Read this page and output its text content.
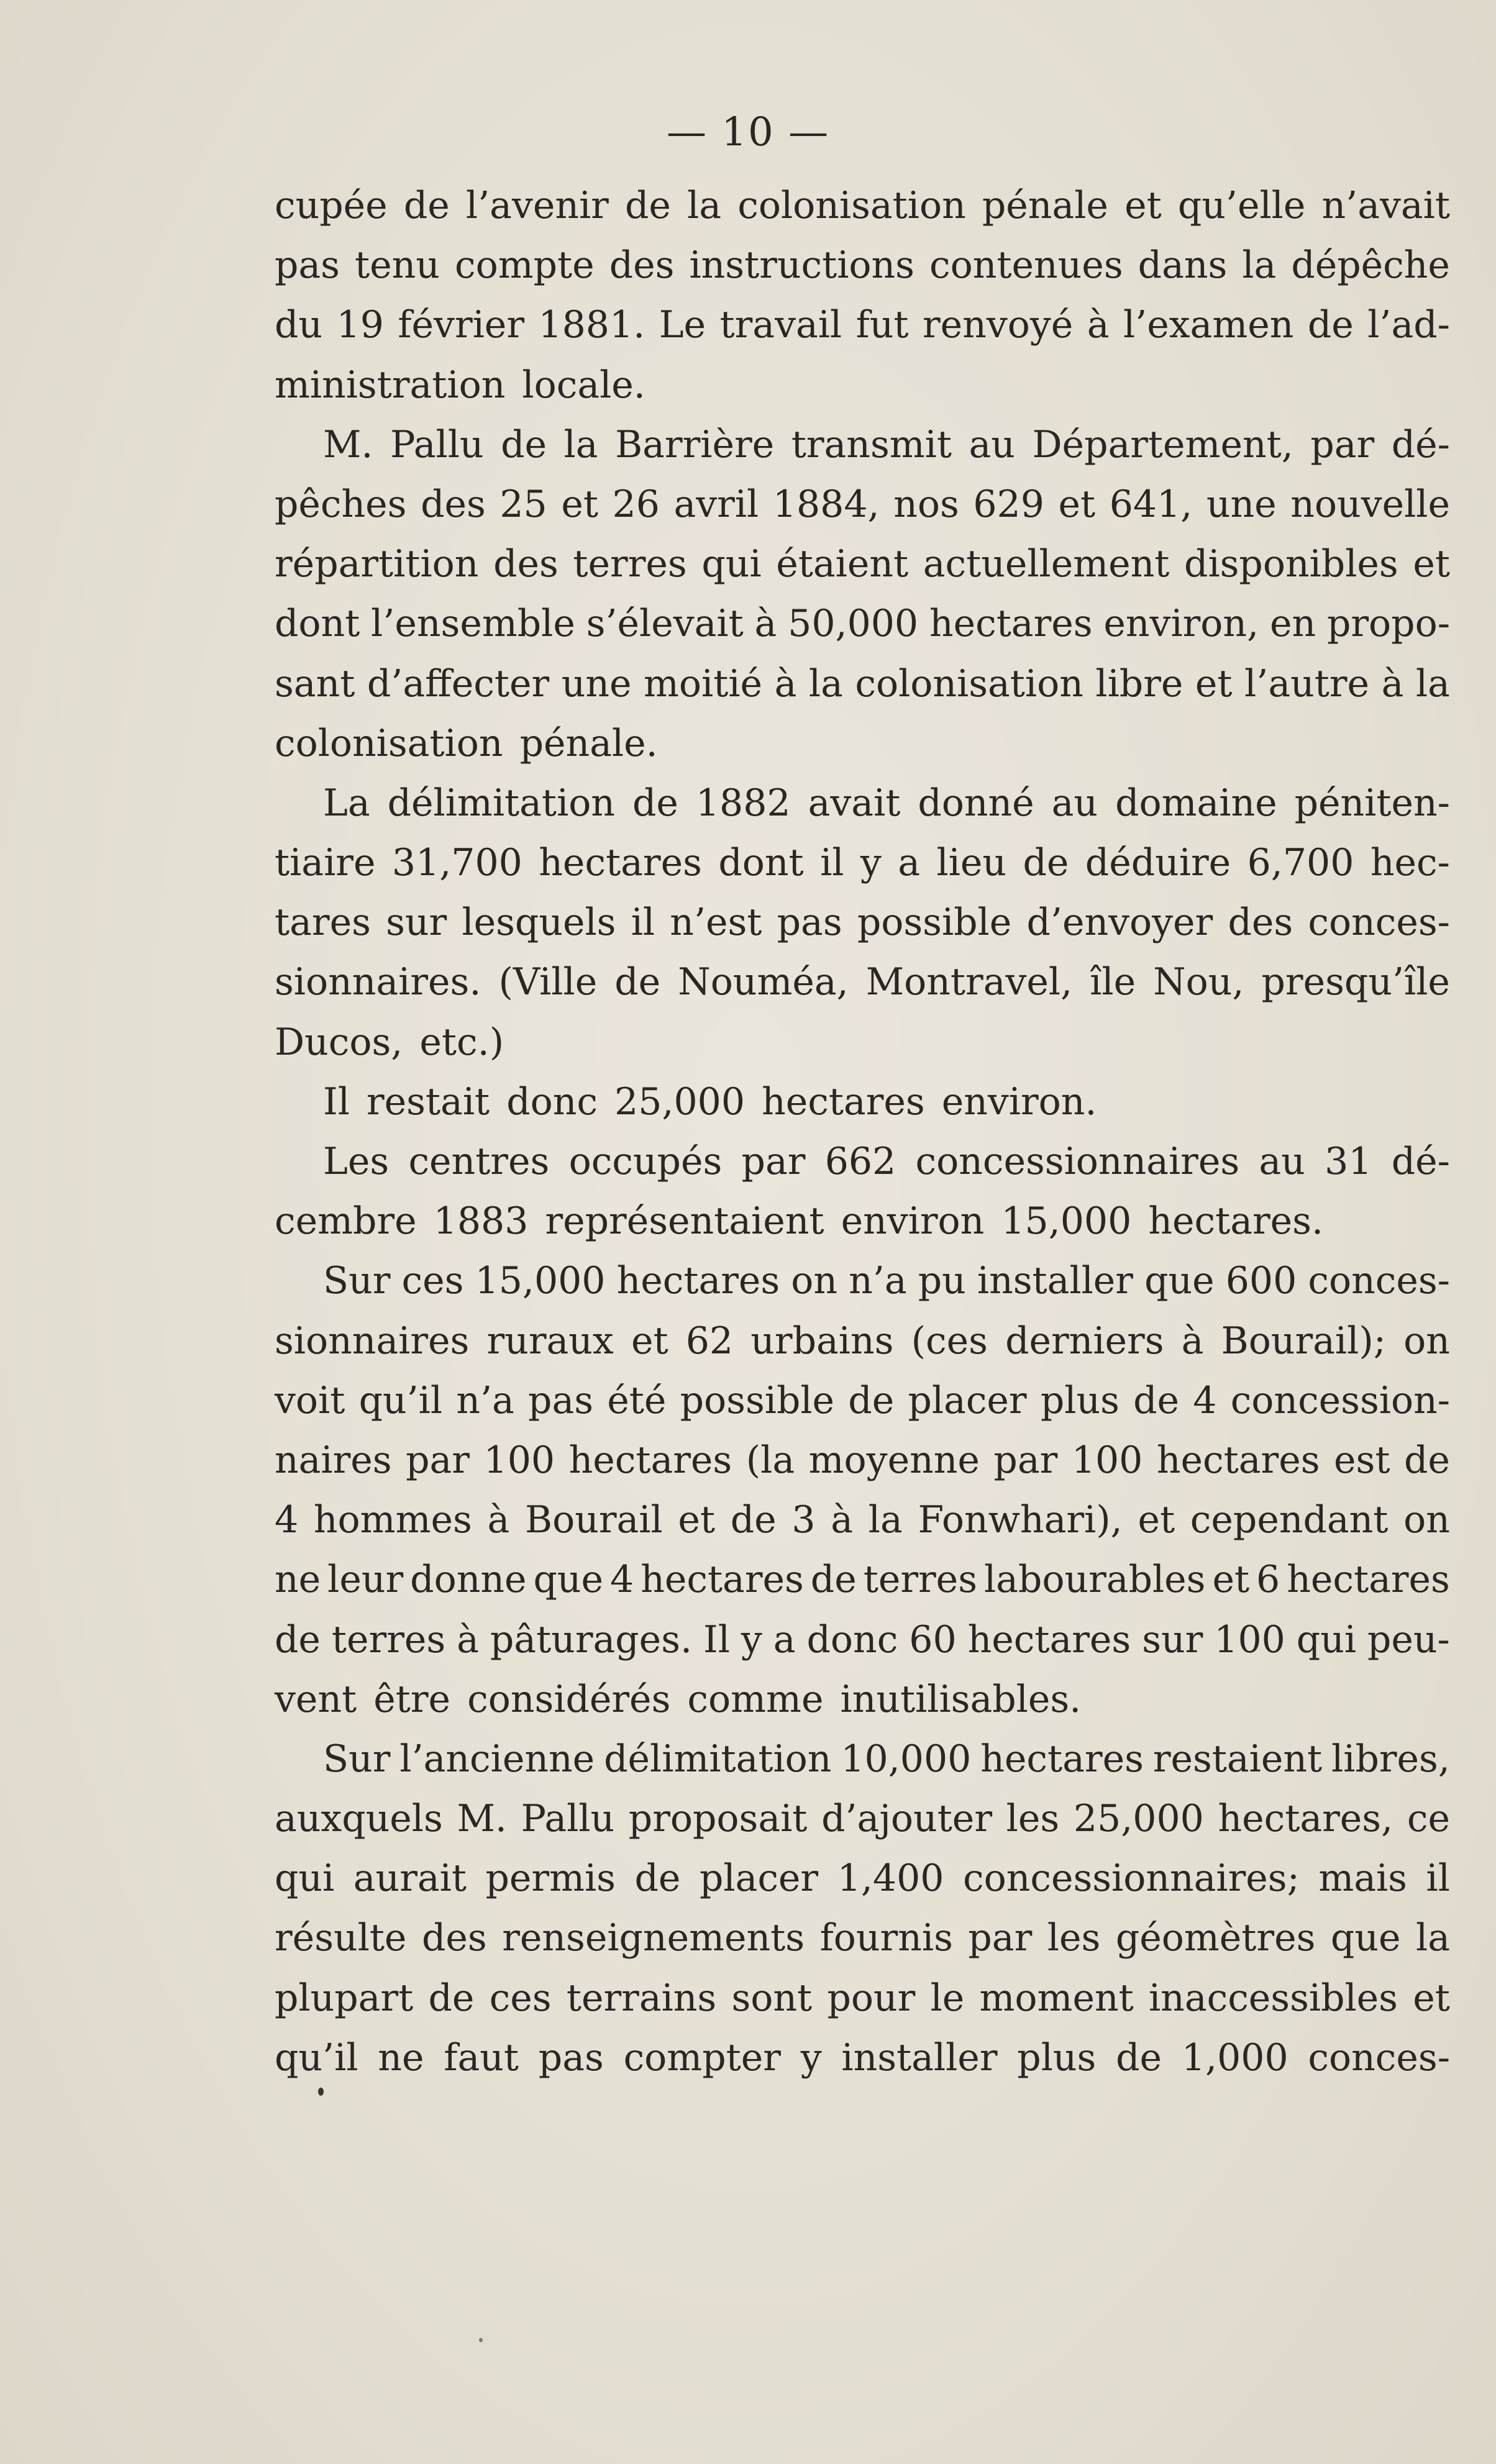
— 10 —
cupée de l’avenir de la colonisation pénale et qu’elle n’avait
pas tenu compte des instructions contenues dans la dépêche
du 19 février 1881. Le travail fut renvoyé à l’examen de l’ad-
ministration locale.
M. Pallu de la Barrière transmit au Département, par dé-
pêches des 25 et 26 avril 1884, nos 629 et 641, une nouvelle
répartition des terres qui étaient actuellement disponibles et
dont l’ensemble s’élevait à 50,000 hectares environ, en propo-
sant d’affecter une moitié à la colonisation libre et l’autre à la
colonisation pénale.
La délimitation de 1882 avait donné au domaine péniten-
tiaire 31,700 hectares dont il y a lieu de déduire 6,700 hec-
tares sur lesquels il n’est pas possible d’envoyer des conces-
sionnaires. (Ville de Nouméa, Montravel, île Nou, presqu’île
Ducos, etc.)
Il restait donc 25,000 hectares environ.
Les centres occupés par 662 concessionnaires au 31 dé-
cembre 1883 représentaient environ 15,000 hectares.
Sur ces 15,000 hectares on n’a pu installer que 600 conces-
sionnaires ruraux et 62 urbains (ces derniers à Bourail); on
voit qu’il n’a pas été possible de placer plus de 4 concession-
naires par 100 hectares (la moyenne par 100 hectares est de
4 hommes à Bourail et de 3 à la Fonwhari), et cependant on
ne leur donne que 4 hectares de terres labourables et 6 hectares
de terres à pâturages. Il y a donc 60 hectares sur 100 qui peu-
vent être considérés comme inutilisables.
Sur l’ancienne délimitation 10,000 hectares restaient libres,
auxquels M. Pallu proposait d’ajouter les 25,000 hectares, ce
qui aurait permis de placer 1,400 concessionnaires; mais il
résulte des renseignements fournis par les géomètres que la
plupart de ces terrains sont pour le moment inaccessibles et
qu’il ne faut pas compter y installer plus de 1,000 conces-
